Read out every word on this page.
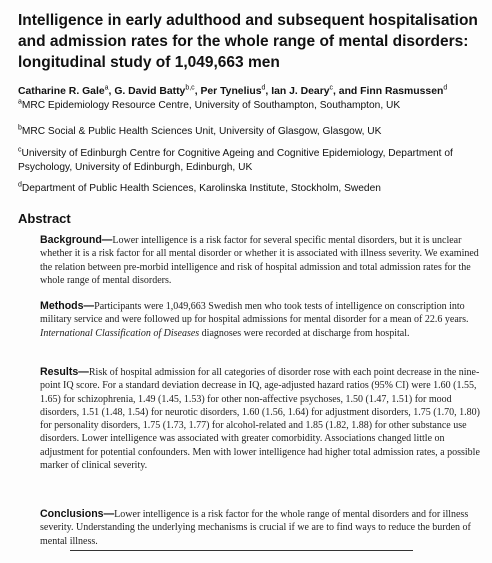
Intelligence in early adulthood and subsequent hospitalisation and admission rates for the whole range of mental disorders: longitudinal study of 1,049,663 men
Catharine R. Gale$^a$, G. David Batty$^{b,c}$, Per Tynelius$^d$, Ian J. Deary$^c$, and Finn Rasmussen$^d$
$^a$MRC Epidemiology Resource Centre, University of Southampton, Southampton, UK
$^b$MRC Social & Public Health Sciences Unit, University of Glasgow, Glasgow, UK
$^c$University of Edinburgh Centre for Cognitive Ageing and Cognitive Epidemiology, Department of Psychology, University of Edinburgh, Edinburgh, UK
$^d$Department of Public Health Sciences, Karolinska Institute, Stockholm, Sweden
Abstract
Background—Lower intelligence is a risk factor for several specific mental disorders, but it is unclear whether it is a risk factor for all mental disorder or whether it is associated with illness severity. We examined the relation between pre-morbid intelligence and risk of hospital admission and total admission rates for the whole range of mental disorders.
Methods—Participants were 1,049,663 Swedish men who took tests of intelligence on conscription into military service and were followed up for hospital admissions for mental disorder for a mean of 22.6 years. International Classification of Diseases diagnoses were recorded at discharge from hospital.
Results—Risk of hospital admission for all categories of disorder rose with each point decrease in the nine-point IQ score. For a standard deviation decrease in IQ, age-adjusted hazard ratios (95% CI) were 1.60 (1.55, 1.65) for schizophrenia, 1.49 (1.45, 1.53) for other non-affective psychoses, 1.50 (1.47, 1.51) for mood disorders, 1.51 (1.48, 1.54) for neurotic disorders, 1.60 (1.56, 1.64) for adjustment disorders, 1.75 (1.70, 1.80) for personality disorders, 1.75 (1.73, 1.77) for alcohol-related and 1.85 (1.82, 1.88) for other substance use disorders. Lower intelligence was associated with greater comorbidity. Associations changed little on adjustment for potential confounders. Men with lower intelligence had higher total admission rates, a possible marker of clinical severity.
Conclusions—Lower intelligence is a risk factor for the whole range of mental disorders and for illness severity. Understanding the underlying mechanisms is crucial if we are to find ways to reduce the burden of mental illness.
